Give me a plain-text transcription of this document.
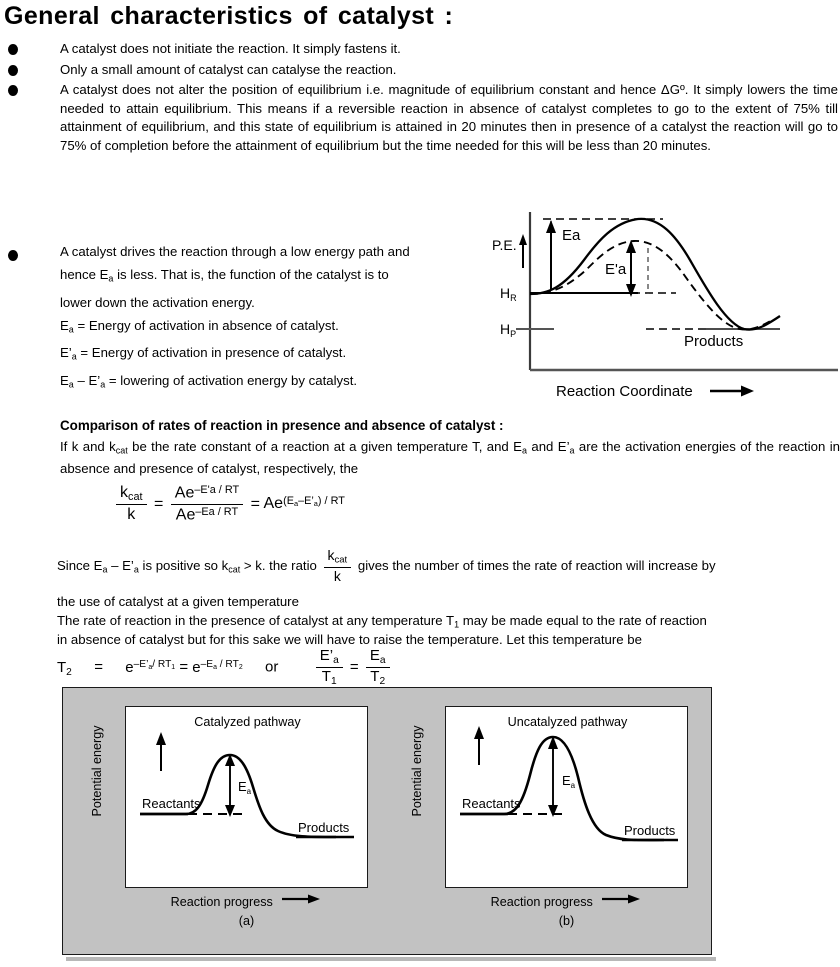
General characteristics of catalyst :
A catalyst does not initiate the reaction. It simply fastens it.
Only a small amount of catalyst can catalyse the reaction.
A catalyst does not alter the position of equilibrium i.e. magnitude of equilibrium constant and hence ΔGº. It simply lowers the time needed to attain equilibrium. This means if a reversible reaction in absence of catalyst completes to go to the extent of 75% till attainment of equilibrium, and this state of equilibrium is attained in 20 minutes then in presence of a catalyst the reaction will go to 75% of completion before the attainment of equilibrium but the time needed for this will be less than 20 minutes.

A catalyst drives the reaction through a low energy path and

hence $E_a$ is less. That is, the function of the catalyst is to

lower down the activation energy.

$E_a$ = Energy of activation in absence of catalyst.

$E’_a$ = Energy of activation in presence of catalyst.

$E_a$ – $E’_a$ = lowering of activation energy by catalyst.

P.E.
$H_R$
$H_P$
Ea
E'a
Products
Reaction Coordinate
Comparison of rates of reaction in presence and absence of catalyst :
If k and $k_{cat}$ be the rate constant of a reaction at a given temperature T, and $E_a$ and $E’_a$ are the activation energies of the reaction in absence and presence of catalyst, respectively, the
$\frac{k_{cat}}{k} = \frac{Ae^{-E'a / RT}}{Ae^{-Ea / RT}} = Ae^{(E_a-E’_a) / RT}$
Since $E_a$ – $E’_a$ is positive so $k_{cat} > k$. the ratio $\frac{k_{cat}}{k}$ gives the number of times the rate of reaction will increase by
the use of catalyst at a given temperature
The rate of reaction in the presence of catalyst at any temperature $T_1$ may be made equal to the rate of reaction
in absence of catalyst but for this sake we will have to raise the temperature. Let this temperature be
$T_2 = e^{-E’_a/ RT_1} = e^{-E_a / RT_2}$ or $\frac{E’_a}{T_1} = \frac{E_a}{T_2}$
Catalyzed pathway
$E_a$
Reactants
Products
Potential energy
Reaction progress
(a)
Uncatalyzed pathway
$E_a$
Reactants
Products
Potential energy
Reaction progress
(b)
